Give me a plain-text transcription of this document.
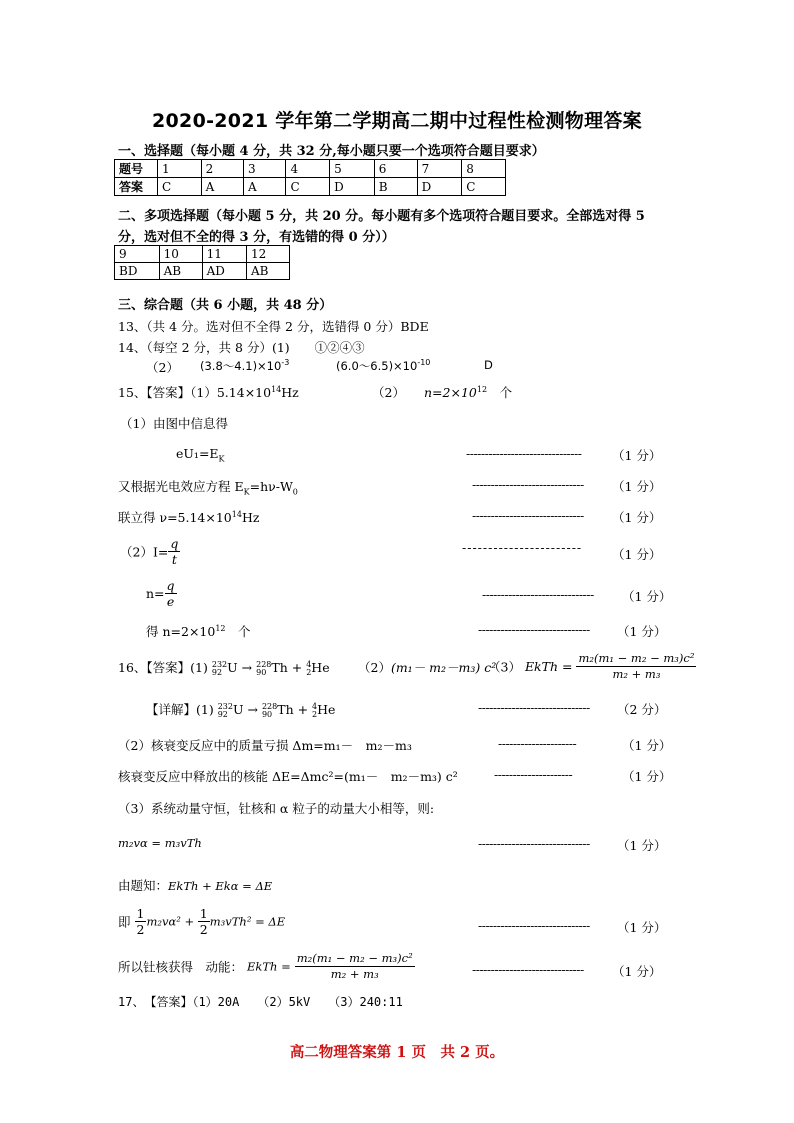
2020-2021 学年第二学期高二期中过程性检测物理答案
一、选择题（每小题 4 分，共 32 分,每小题只要一个选项符合题目要求）
题号	1	2	3	4	5	6	7	8
答案	C	A	A	C	D	B	D	C
二、多项选择题（每小题 5 分，共 20 分。每小题有多个选项符合题目要求。全部选对得 5
分，选对但不全的得 3 分，有选错的得 0 分））
9	10	11	12
BD	AB	AD	AB
三、综合题（共 6 小题，共 48 分）
13、（共 4 分。选对但不全得 2 分，选错得 0 分）BDE
14、（每空 2 分，共 8 分）(1)　　①②④③
（2） $(3.8\sim 4.1)\times 10^{-3}$	$(6.0\sim 6.5)\times 10^{-10}$	D
15、【答案】$(1)5.14\times 10^{14}Hz$	（2） $n=2\times 10^{12}$　 个
（1）由图中信息得
$eU_1=E_K$	------------------------------- （1 分）
又根据光电效应方程 $E_K=h\nu-W_0$	------------------------------ （1 分）
联立得 $\nu=5.14\times 10^{14}Hz$	------------------------------ （1 分）
$(2)I= \frac{q}{t}$	----------------------- （1 分）
$n= \frac{q}{e}$	------------------------------ （1 分）
得 $n=2\times 10^{12}$　 个	------------------------------ （1 分）
16、【答案】(1) 232
92 U → 228
90 Th + 4
2He （2）(m₁－ m₂－m₃) c²
（3） EkTh = $\frac{\text{m₂(m₁ − m₂ − m₃)c²}}{\text{m₂ + m₃}}$
【详解】(1) 232
92 U → 228
90 Th + 4
2He	------------------------------ （2 分）
（2）核衰变反应中的质量亏损 Δm=m₁－　m₂－m₃	---------------------	（1 分）
核衰变反应中释放出的核能 ΔE=Δmc²=(m₁－　m₂－m₃) c²	---------------------	（1 分）
（3）系统动量守恒，钍核和 α 粒子的动量大小相等，则:
m₂vα = m₃vTh	------------------------------ （1 分）
由题知：EkTh + Ekα = ΔE
即 $\frac{1}{2} m_2v\alpha^2 + \frac{1}{2} m_3vTh^2 = \Delta E$	------------------------------ （1 分）
所以钍核获得　动能： EkTh = $\frac{\text{m₂(m₁ − m₂ − m₃)c²}}{\text{m₂ + m₃}}$	------------------------------ （1 分）
17、　【答案】（1）20A　　（2）5kV　　（3）240:11
高二物理答案第 1 页　共 2 页。
